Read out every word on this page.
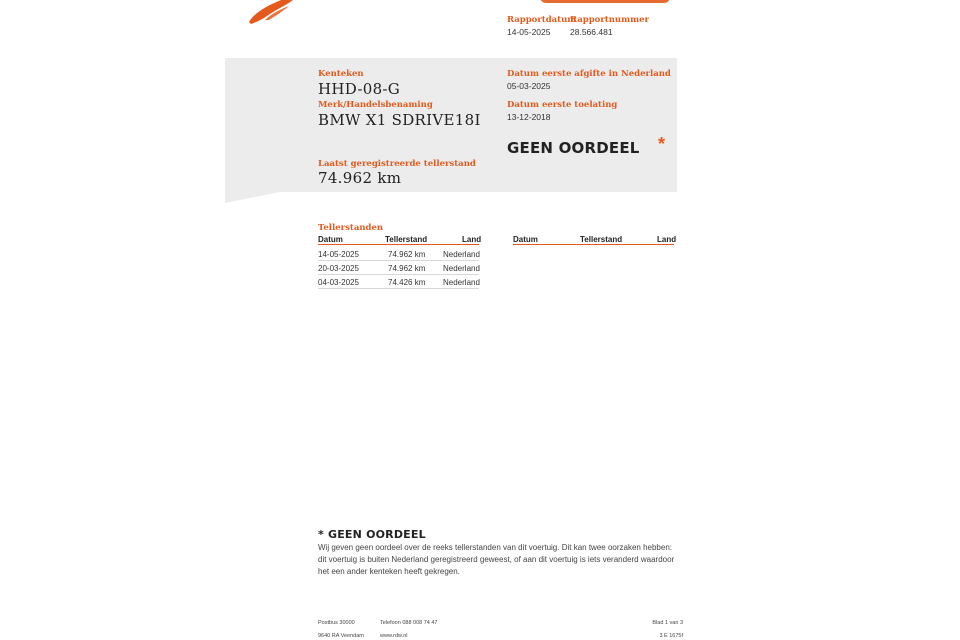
Rapportdatum
14-05-2025
Rapportnummer
28.566.481
Kenteken
HHD-08-G
Merk/Handelsbenaming
BMW X1 SDRIVE18I
Laatst geregistreerde tellerstand
74.962 km
Datum eerste afgifte in Nederland
05-03-2025
Datum eerste toelating
13-12-2018
GEEN OORDEEL *
Tellerstanden
Datum	Tellerstand	Land	Datum	Tellerstand	Land
14-05-2025	74.962 km Nederland
20-03-2025	74.962 km Nederland
04-03-2025	74.426 km Nederland
* GEEN OORDEEL
Wij geven geen oordeel over de reeks tellerstanden van dit voertuig. Dit kan twee oorzaken hebben: dit voertuig is buiten Nederland geregistreerd geweest, of aan dit voertuig is iets veranderd waardoor het een ander kenteken heeft gekregen.
Postbus 30000
9640 RA Veendam
Telefoon 088 008 74 47
www.rdw.nl
Blad 1 van 3
3 E 1675f
